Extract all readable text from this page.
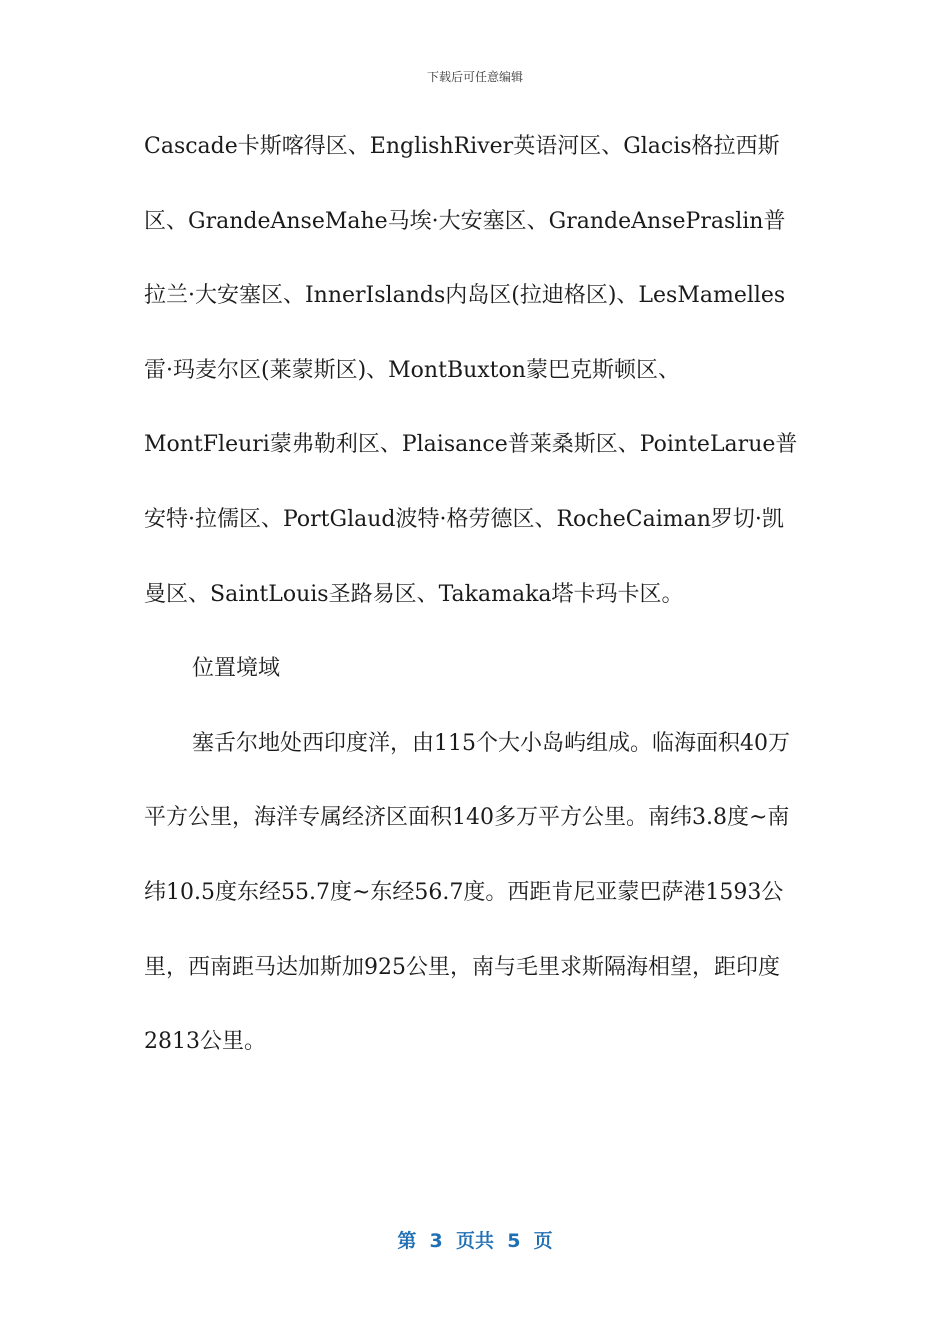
下载后可任意编辑

Cascade卡斯喀得区、EnglishRiver英语河区、Glacis格拉西斯区、GrandeAnseMahe马埃·大安塞区、GrandeAnsePraslin普拉兰·大安塞区、InnerIslands内岛区(拉迪格区)、LesMamelles雷·玛麦尔区(莱蒙斯区)、MontBuxton蒙巴克斯顿区、MontFleuri蒙弗勒利区、Plaisance普莱桑斯区、PointeLarue普安特·拉儒区、PortGlaud波特·格劳德区、RocheCaiman罗切·凯曼区、SaintLouis圣路易区、Takamaka塔卡玛卡区。

位置境域

塞舌尔地处西印度洋，由115个大小岛屿组成。临海面积40万平方公里，海洋专属经济区面积140多万平方公里。南纬3.8度~南纬10.5度东经55.7度~东经56.7度。西距肯尼亚蒙巴萨港1593公里，西南距马达加斯加925公里，南与毛里求斯隔海相望，距印度2813公里。

第  3  页共  5  页
